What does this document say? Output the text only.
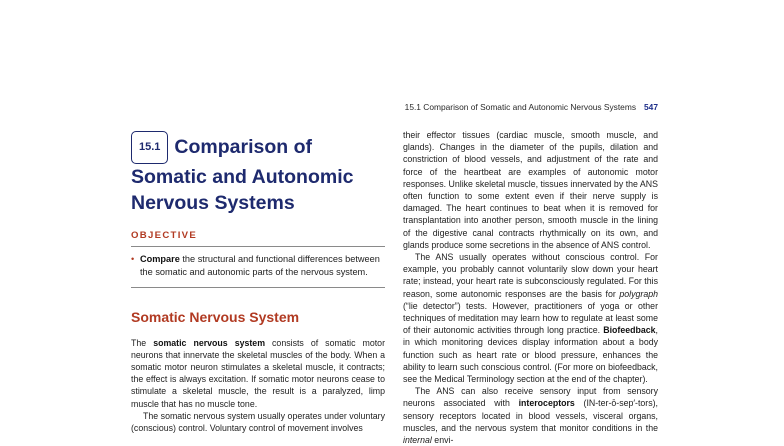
15.1 Comparison of Somatic and Autonomic Nervous Systems 547
15.1 Comparison of Somatic and Autonomic Nervous Systems
OBJECTIVE
• Compare the structural and functional differences between the somatic and autonomic parts of the nervous system.
Somatic Nervous System

The somatic nervous system consists of somatic motor neurons that innervate the skeletal muscles of the body. When a somatic motor neuron stimulates a skeletal muscle, it contracts; the effect is always excitation. If somatic motor neurons cease to stimulate a skeletal muscle, the result is a paralyzed, limp muscle that has no muscle tone.

The somatic nervous system usually operates under voluntary (conscious) control. Voluntary control of movement involves

their effector tissues (cardiac muscle, smooth muscle, and glands). Changes in the diameter of the pupils, dilation and constriction of blood vessels, and adjustment of the rate and force of the heartbeat are examples of autonomic motor responses. Unlike skeletal muscle, tissues innervated by the ANS often function to some extent even if their nerve supply is damaged. The heart continues to beat when it is removed for transplantation into another person, smooth muscle in the lining of the digestive canal contracts rhythmically on its own, and glands produce some secretions in the absence of ANS control.

The ANS usually operates without conscious control. For example, you probably cannot voluntarily slow down your heart rate; instead, your heart rate is subconsciously regulated. For this reason, some autonomic responses are the basis for polygraph (“lie detector”) tests. However, practitioners of yoga or other techniques of meditation may learn how to regulate at least some of their autonomic activities through long practice. Biofeedback, in which monitoring devices display information about a body function such as heart rate or blood pressure, enhances the ability to learn such conscious control. (For more on biofeedback, see the Medical Terminology section at the end of the chapter).

The ANS can also receive sensory input from sensory neurons associated with interoceptors (IN-ter-ō-sep′-tors), sensory receptors located in blood vessels, visceral organs, muscles, and the nervous system that monitor conditions in the internal envi-
